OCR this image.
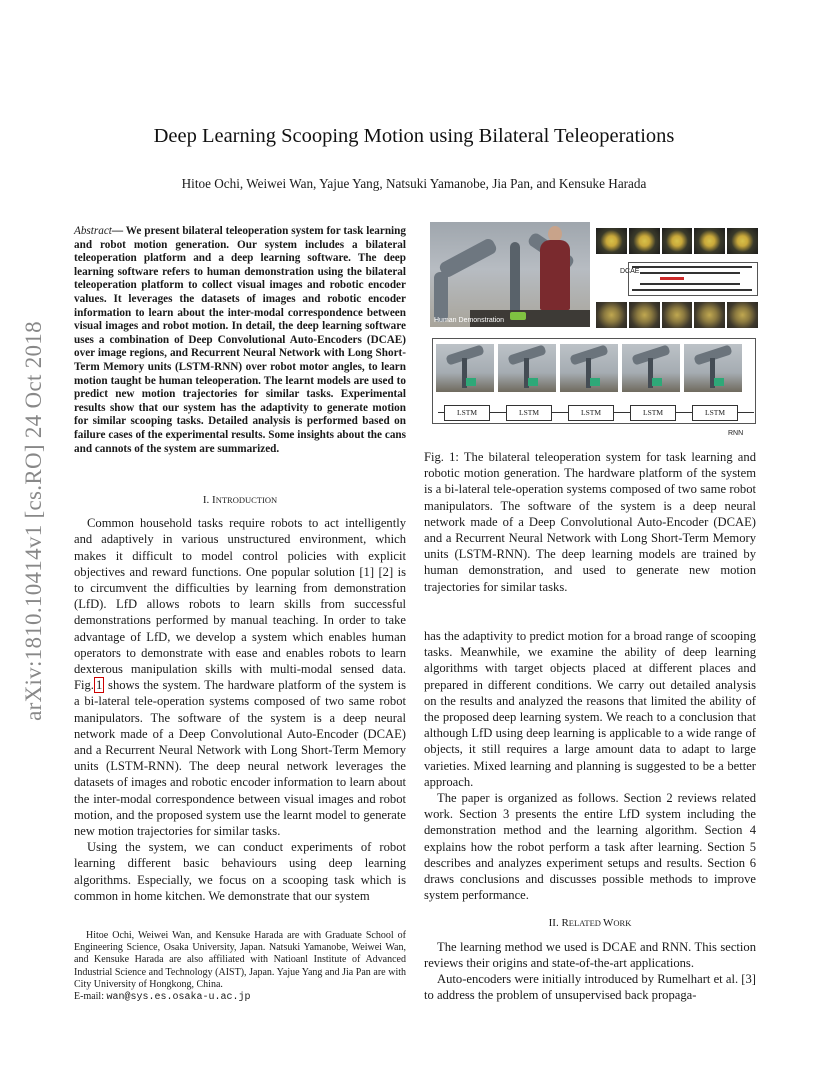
arXiv:1810.10414v1 [cs.RO] 24 Oct 2018
Deep Learning Scooping Motion using Bilateral Teleoperations
Hitoe Ochi, Weiwei Wan, Yajue Yang, Natsuki Yamanobe, Jia Pan, and Kensuke Harada
Abstract— We present bilateral teleoperation system for task learning and robot motion generation. Our system includes a bilateral teleoperation platform and a deep learning software. The deep learning software refers to human demonstration using the bilateral teleoperation platform to collect visual images and robotic encoder values. It leverages the datasets of images and robotic encoder information to learn about the inter-modal correspondence between visual images and robot motion. In detail, the deep learning software uses a combination of Deep Convolutional Auto-Encoders (DCAE) over image regions, and Recurrent Neural Network with Long Short-Term Memory units (LSTM-RNN) over robot motor angles, to learn motion taught be human teleoperation. The learnt models are used to predict new motion trajectories for similar tasks. Experimental results show that our system has the adaptivity to generate motion for similar scooping tasks. Detailed analysis is performed based on failure cases of the experimental results. Some insights about the cans and cannots of the system are summarized.

I. INTRODUCTION

Common household tasks require robots to act intelligently and adaptively in various unstructured environment, which makes it difficult to model control policies with explicit objectives and reward functions. One popular solution [1] [2] is to circumvent the difficulties by learning from demonstration (LfD). LfD allows robots to learn skills from successful demonstrations performed by manual teaching. In order to take advantage of LfD, we develop a system which enables human operators to demonstrate with ease and enables robots to learn dexterous manipulation skills with multi-modal sensed data. Fig. 1 shows the system. The hardware platform of the system is a bi-lateral tele-operation systems composed of two same robot manipulators. The software of the system is a deep neural network made of a Deep Convolutional Auto-Encoder (DCAE) and a Recurrent Neural Network with Long Short-Term Memory units (LSTM-RNN). The deep neural network leverages the datasets of images and robotic encoder information to learn about the inter-modal correspondence between visual images and robot motion, and the proposed system use the learnt model to generate new motion trajectories for similar tasks.

Using the system, we can conduct experiments of robot learning different basic behaviours using deep learning algorithms. Especially, we focus on a scooping task which is common in home kitchen. We demonstrate that our system

Hitoe Ochi, Weiwei Wan, and Kensuke Harada are with Graduate School of Engineering Science, Osaka University, Japan. Natsuki Yamanobe, Weiwei Wan, and Kensuke Harada are also affiliated with Natioanl Institute of Advanced Industrial Science and Technology (AIST), Japan. Yajue Yang and Jia Pan are with City University of Hongkong, China.
E-mail: wan@sys.es.osaka-u.ac.jp

Human Demonstration
DCAE
LSTM	LSTM	LSTM	LSTM	LSTM
RNN
Fig. 1: The bilateral teleoperation system for task learning and robotic motion generation. The hardware platform of the system is a bi-lateral tele-operation systems composed of two same robot manipulators. The software of the system is a deep neural network made of a Deep Convolutional Auto-Encoder (DCAE) and a Recurrent Neural Network with Long Short-Term Memory units (LSTM-RNN). The deep learning models are trained by human demonstration, and used to generate new motion trajectories for similar tasks.

has the adaptivity to predict motion for a broad range of scooping tasks. Meanwhile, we examine the ability of deep learning algorithms with target objects placed at different places and prepared in different conditions. We carry out detailed analysis on the results and analyzed the reasons that limited the ability of the proposed deep learning system. We reach to a conclusion that although LfD using deep learning is applicable to a wide range of objects, it still requires a large amount data to adapt to large varieties. Mixed learning and planning is suggested to be a better approach.

The paper is organized as follows. Section 2 reviews related work. Section 3 presents the entire LfD system including the demonstration method and the learning algorithm. Section 4 explains how the robot perform a task after learning. Section 5 describes and analyzes experiment setups and results. Section 6 draws conclusions and discusses possible methods to improve system performance.

II. RELATED WORK

The learning method we used is DCAE and RNN. This section reviews their origins and state-of-the-art applications.

Auto-encoders were initially introduced by Rumelhart et al. [3] to address the problem of unsupervised back propaga-
